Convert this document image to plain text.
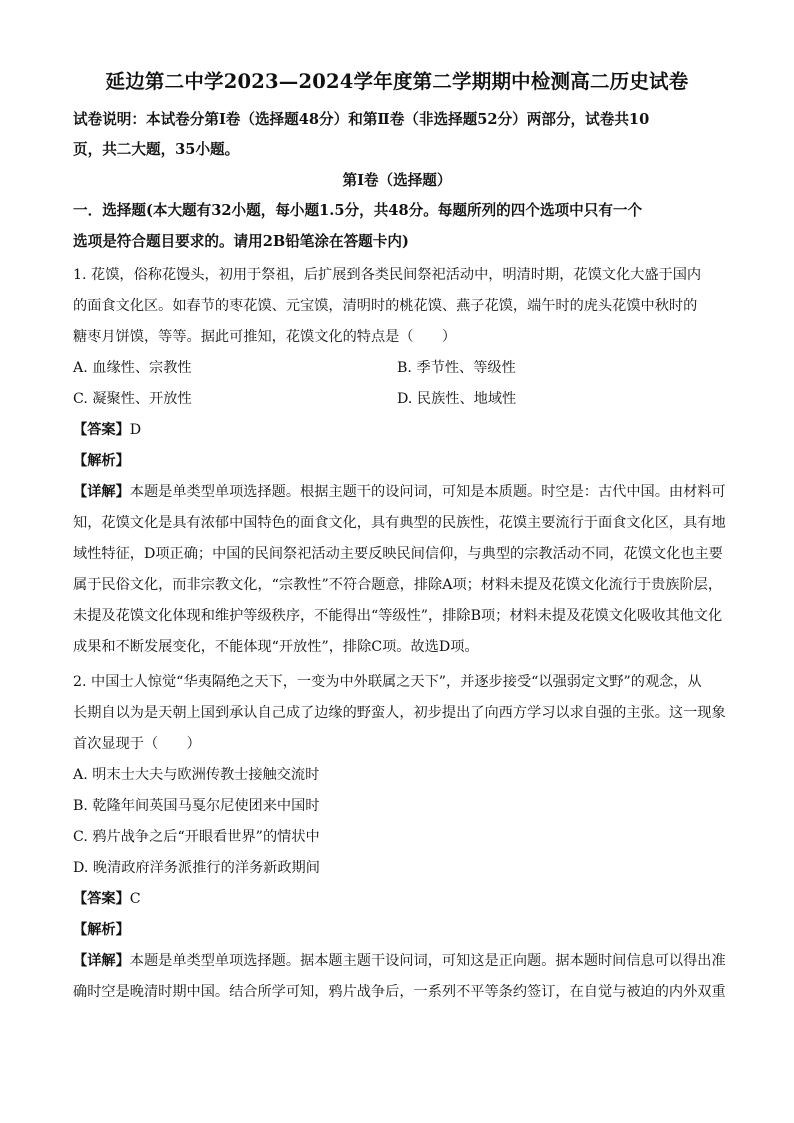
延边第二中学2023—2024学年度第二学期期中检测高二历史试卷
试卷说明：本试卷分第Ⅰ卷（选择题48分）和第Ⅱ卷（非选择题52分）两部分，试卷共10
页，共二大题，35小题。
第Ⅰ卷（选择题）
一．选择题(本大题有32小题，每小题1.5分，共48分。每题所列的四个选项中只有一个
选项是符合题目要求的。请用2B铅笔涂在答题卡内)
1. 花馍，俗称花馒头，初用于祭祖，后扩展到各类民间祭祀活动中，明清时期，花馍文化大盛于国内
的面食文化区。如春节的枣花馍、元宝馍，清明时的桃花馍、燕子花馍，端午时的虎头花馍中秋时的
糖枣月饼馍，等等。据此可推知，花馍文化的特点是（　　）
A. 血缘性、宗教性	B. 季节性、等级性
C. 凝聚性、开放性	D. 民族性、地域性
【答案】D
【解析】
【详解】本题是单类型单项选择题。根据主题干的设问词，可知是本质题。时空是：古代中国。由材料可
知，花馍文化是具有浓郁中国特色的面食文化，具有典型的民族性，花馍主要流行于面食文化区，具有地
域性特征，D项正确；中国的民间祭祀活动主要反映民间信仰，与典型的宗教活动不同，花馍文化也主要
属于民俗文化，而非宗教文化，“宗教性”不符合题意，排除A项；材料未提及花馍文化流行于贵族阶层，
未提及花馍文化体现和维护等级秩序，不能得出“等级性”，排除B项；材料未提及花馍文化吸收其他文化
成果和不断发展变化，不能体现“开放性”，排除C项。故选D项。
2. 中国士人惊觉“华夷隔绝之天下，一变为中外联属之天下”，并逐步接受“以强弱定文野”的观念，从
长期自以为是天朝上国到承认自己成了边缘的野蛮人，初步提出了向西方学习以求自强的主张。这一现象
首次显现于（　　）
A. 明末士大夫与欧洲传教士接触交流时
B. 乾隆年间英国马戛尔尼使团来中国时
C. 鸦片战争之后“开眼看世界”的情状中
D. 晚清政府洋务派推行的洋务新政期间
【答案】C
【解析】
【详解】本题是单类型单项选择题。据本题主题干设问词，可知这是正向题。据本题时间信息可以得出准
确时空是晚清时期中国。结合所学可知，鸦片战争后，一系列不平等条约签订，在自觉与被迫的内外双重
